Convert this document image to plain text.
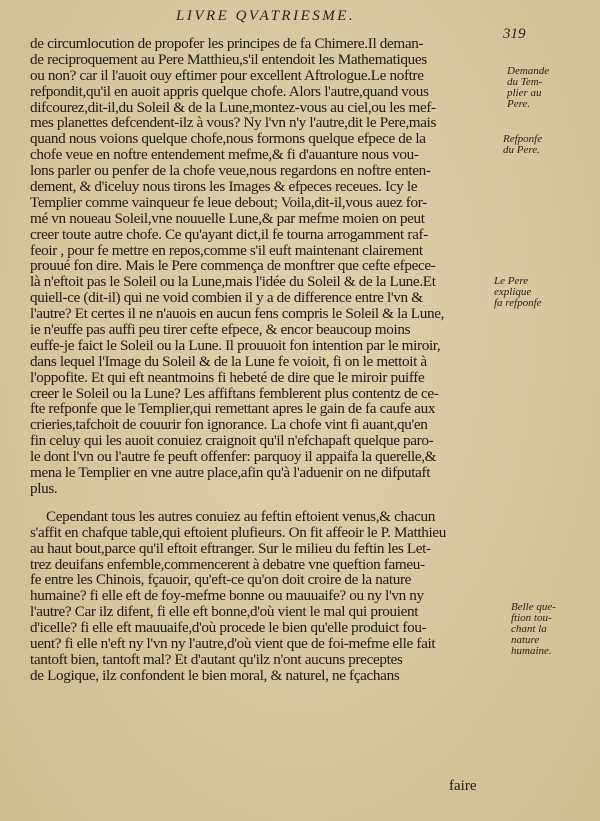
LIVRE QVATRIESME.
319
de circumlocution de propofer les principes de fa Chimere.Il deman-
de reciproquement au Pere Matthieu,s'il entendoit les Mathematiques
ou non? car il l'auoit ouy eftimer pour excellent Aftrologue.Le noftre
refpondit,qu'il en auoit appris quelque chofe. Alors l'autre,quand vous
difcourez,dit-il,du Soleil & de la Lune,montez-vous au ciel,ou les mef-
mes planettes defcendent-ilz à vous? Ny l'vn n'y l'autre,dit le Pere,mais
quand nous voions quelque chofe,nous formons quelque efpece de la
chofe veue en noftre entendement mefme,& fi d'auanture nous vou-
lons parler ou penfer de la chofe veue,nous regardons en noftre enten-
dement, & d'iceluy nous tirons les Images & efpeces receues. Icy le
Templier comme vainqueur fe leue debout; Voila,dit-il,vous auez for-
mé vn noueau Soleil,vne nouuelle Lune,& par mefme moien on peut
creer toute autre chofe. Ce qu'ayant dict,il fe tourna arrogamment raf-
feoir , pour fe mettre en repos,comme s'il euft maintenant clairement
prouué fon dire. Mais le Pere commença de monftrer que cefte efpece-
là n'eftoit pas le Soleil ou la Lune,mais l'idée du Soleil & de la Lune.Et
quiell-ce (dit-il) qui ne void combien il y a de difference entre l'vn &
l'autre? Et certes il ne n'auois en aucun fens compris le Soleil & la Lune,
ie n'euffe pas auffi peu tirer cefte efpece, & encor beaucoup moins
euffe-je faict le Soleil ou la Lune. Il prouuoit fon intention par le miroir,
dans lequel l'Image du Soleil & de la Lune fe voioit, fi on le mettoit à
l'oppofite. Et qui eft neantmoins fi hebeté de dire que le miroir puiffe
creer le Soleil ou la Lune? Les affiftans femblerent plus contentz de ce-
fte refponfe que le Templier,qui remettant apres le gain de fa caufe aux
crieries,tafchoit de couurir fon ignorance. La chofe vint fi auant,qu'en
fin celuy qui les auoit conuiez craignoit qu'il n'efchapaft quelque paro-
le dont l'vn ou l'autre fe peuft offenfer: parquoy il appaifa la querelle,&
mena le Templier en vne autre place,afin qu'à l'aduenir on ne difputaft
plus.
Cependant tous les autres conuiez au feftin eftoient venus,& chacun
s'affit en chafque table,qui eftoient plufieurs. On fit affeoir le P. Matthieu
au haut bout,parce qu'il eftoit eftranger. Sur le milieu du feftin les Let-
trez deuifans enfemble,commencerent à debatre vne queftion fameu-
fe entre les Chinois, fçauoir, qu'eft-ce qu'on doit croire de la nature
humaine? fi elle eft de foy-mefme bonne ou mauuaife? ou ny l'vn ny
l'autre? Car ilz difent, fi elle eft bonne,d'où vient le mal qui prouient
d'icelle? fi elle eft mauuaife,d'où procede le bien qu'elle produict fou-
uent? fi elle n'eft ny l'vn ny l'autre,d'où vient que de foi-mefme elle fait
tantoft bien, tantoft mal? Et d'autant qu'ilz n'ont aucuns preceptes
de Logique, ilz confondent le bien moral, & naturel, ne fçachans
faire
Demande
du Tem-
plier au
Pere.
Refponfe
du Pere.
Le Pere
explique
fa refponfe
Belle que-
ftion tou-
chant la
nature
humaine.
